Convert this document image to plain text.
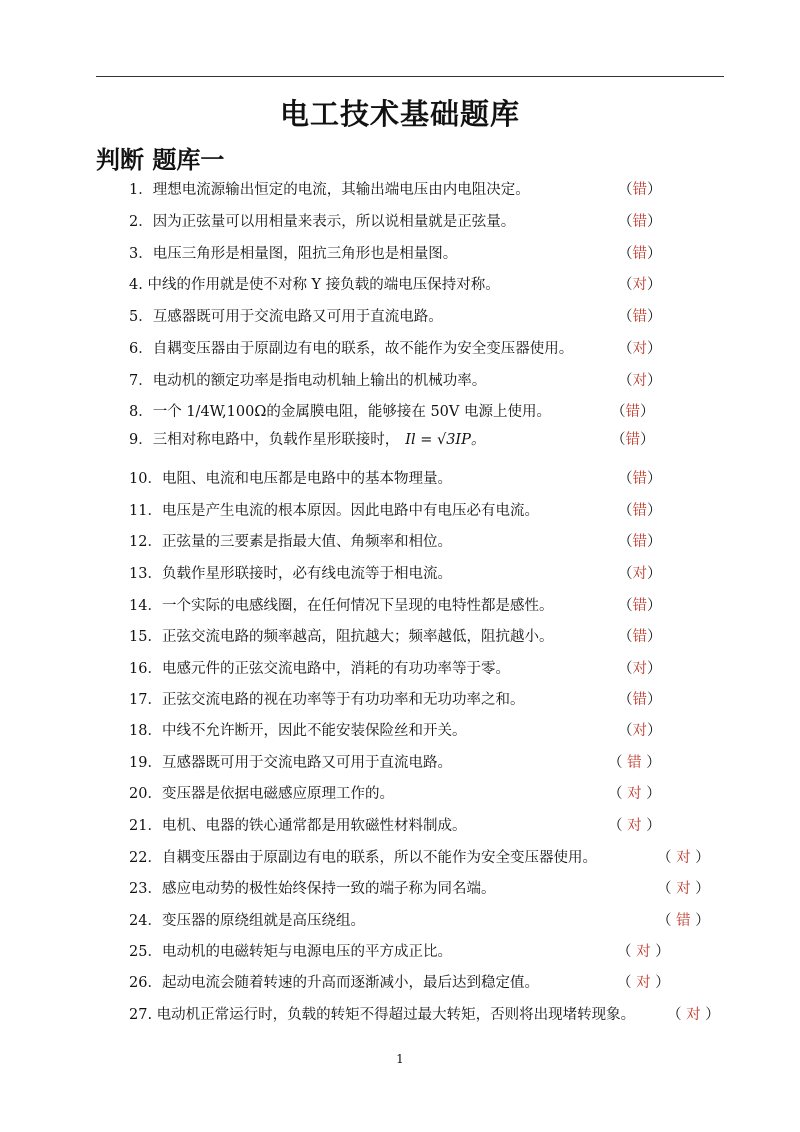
电工技术基础题库
判断 题库一
1．理想电流源输出恒定的电流，其输出端电压由内电阻决定。	（错）
2．因为正弦量可以用相量来表示，所以说相量就是正弦量。	（错）
3．电压三角形是相量图，阻抗三角形也是相量图。	（错）
4. 中线的作用就是使不对称 Y 接负载的端电压保持对称。	（对）
5．互感器既可用于交流电路又可用于直流电路。	（错）
6．自耦变压器由于原副边有电的联系，故不能作为安全变压器使用。	（对）
7．电动机的额定功率是指电动机轴上输出的机械功率。	（对）
8．一个 1/4W,100Ω的金属膜电阻，能够接在 50V 电源上使用。	（错）
9．三相对称电路中，负载作星形联接时， Il = √3IP。	（错）
10．电阻、电流和电压都是电路中的基本物理量。	（错）
11．电压是产生电流的根本原因。因此电路中有电压必有电流。	（错）
12．正弦量的三要素是指最大值、角频率和相位。	（错）
13．负载作星形联接时，必有线电流等于相电流。	（对）
14．一个实际的电感线圈，在任何情况下呈现的电特性都是感性。	（错）
15．正弦交流电路的频率越高，阻抗越大；频率越低，阻抗越小。	（错）
16．电感元件的正弦交流电路中，消耗的有功功率等于零。	（对）
17．正弦交流电路的视在功率等于有功功率和无功功率之和。	（错）
18．中线不允许断开，因此不能安装保险丝和开关。	（对）
19．互感器既可用于交流电路又可用于直流电路。	（ 错 ）
20．变压器是依据电磁感应原理工作的。	（ 对 ）
21．电机、电器的铁心通常都是用软磁性材料制成。	（ 对 ）
22．自耦变压器由于原副边有电的联系，所以不能作为安全变压器使用。	（ 对 ）
23．感应电动势的极性始终保持一致的端子称为同名端。	（ 对 ）
24．变压器的原绕组就是高压绕组。	（ 错 ）
25．电动机的电磁转矩与电源电压的平方成正比。	（ 对 ）
26．起动电流会随着转速的升高而逐渐减小，最后达到稳定值。	（ 对 ）
27. 电动机正常运行时，负载的转矩不得超过最大转矩，否则将出现堵转现象。 （ 对 ）
1
